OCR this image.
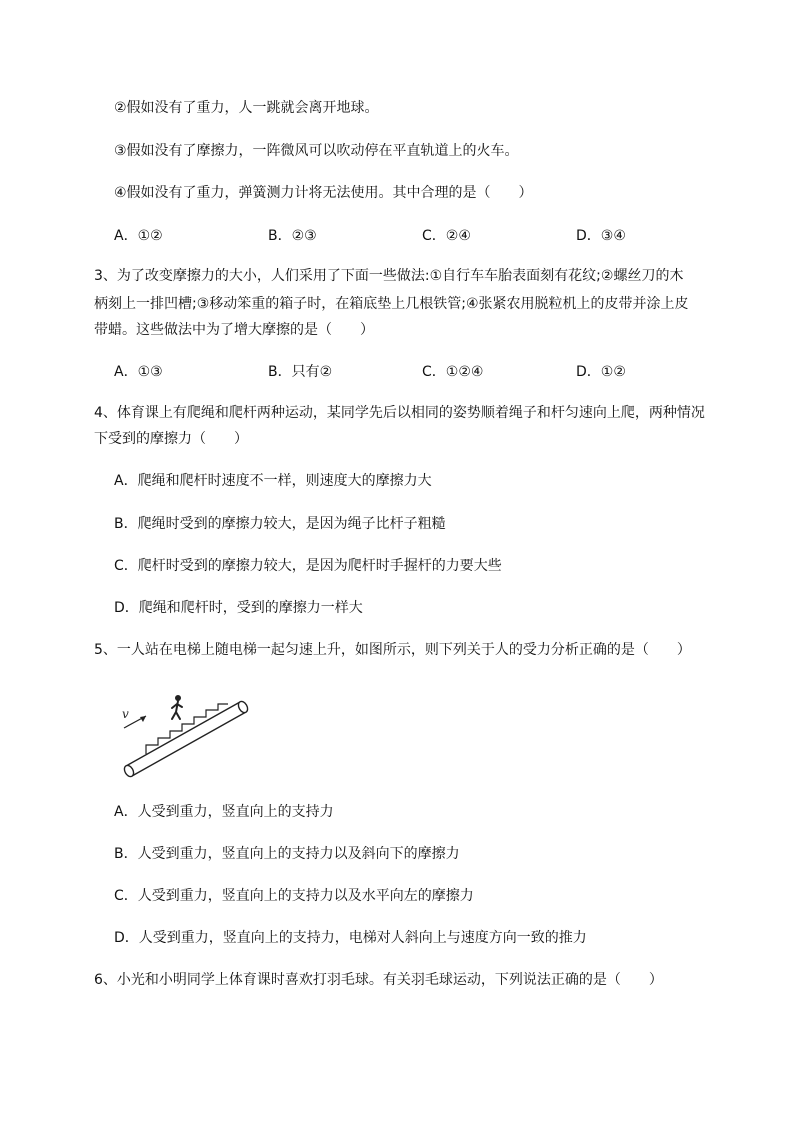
②假如没有了重力，人一跳就会离开地球。
③假如没有了摩擦力，一阵微风可以吹动停在平直轨道上的火车。
④假如没有了重力，弹簧测力计将无法使用。其中合理的是（　　）
A．①②	B．②③	C．②④	D．③④
3、为了改变摩擦力的大小，人们采用了下面一些做法:①自行车车胎表面刻有花纹;②螺丝刀的木
柄刻上一排凹槽;③移动笨重的箱子时，在箱底垫上几根铁管;④张紧农用脱粒机上的皮带并涂上皮
带蜡。这些做法中为了增大摩擦的是（　　）
A．①③	B．只有②	C．①②④	D．①②
4、体育课上有爬绳和爬杆两种运动，某同学先后以相同的姿势顺着绳子和杆匀速向上爬，两种情况
下受到的摩擦力（　　）
A．爬绳和爬杆时速度不一样，则速度大的摩擦力大
B．爬绳时受到的摩擦力较大，是因为绳子比杆子粗糙
C．爬杆时受到的摩擦力较大，是因为爬杆时手握杆的力要大些
D．爬绳和爬杆时，受到的摩擦力一样大
5、一人站在电梯上随电梯一起匀速上升，如图所示，则下列关于人的受力分析正确的是（　　）
v
A．人受到重力，竖直向上的支持力
B．人受到重力，竖直向上的支持力以及斜向下的摩擦力
C．人受到重力，竖直向上的支持力以及水平向左的摩擦力
D．人受到重力，竖直向上的支持力，电梯对人斜向上与速度方向一致的推力
6、小光和小明同学上体育课时喜欢打羽毛球。有关羽毛球运动，下列说法正确的是（　　）
